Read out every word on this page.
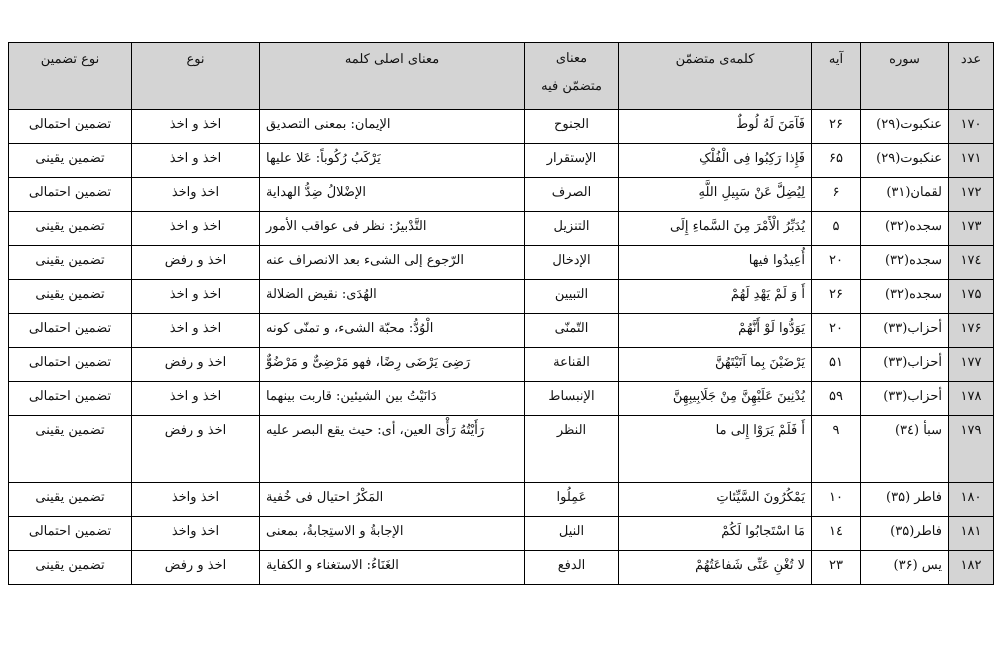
عدد	سوره	آیه	کلمه‌ی متضمّن	معنای
متضمّن فیه	معنای اصلی کلمه	نوع	نوع تضمین
۱۷۰	عنکبوت(۲۹)	۲۶	فَآمَنَ لَهُ لُوطٌ	الجنوح	الإیمان: بمعنی التصدیق	اخذ و اخذ	تضمین احتمالی
۱۷۱	عنکبوت(۲۹)	۶۵	فَإِذا رَکِبُوا فِی الْفُلْکِ	الإستقرار	یَرْکَبُ رُکُوباً: عَلا علیها	اخذ و اخذ	تضمین یقینی
۱۷۲	لقمان(۳۱)	۶	لِیُضِلَّ عَنْ سَبِیلِ اللَّهِ	الصرف	الإضْلالُ ضِدُّ الهدایة	اخذ واخذ	تضمین احتمالی
۱۷۳	سجده(۳۲)	۵	یُدَبِّرُ الْأَمْرَ مِنَ السَّماءِ إِلَی	التنزیل	التَّدْبیرُ: نظر فی عواقب الأمور	اخذ و اخذ	تضمین یقینی
۱۷٤	سجده(۳۲)	۲۰	أُعِیدُوا فیها	الإدخال	الرّجوع إلی الشیء بعد الانصراف عنه	اخذ و رفض	تضمین یقینی
۱۷۵	سجده(۳۲)	۲۶	أَ وَ لَمْ یَهْدِ لَهُمْ	التبیین	الهُدَی: نقیض الضلالة	اخذ و اخذ	تضمین یقینی
۱۷۶	أحزاب(۳۳)	۲۰	یَوَدُّوا لَوْ أَنَّهُمْ	التّمنّی	الْوُدُّ: محبّة الشیء، و تمنّی کونه	اخذ و اخذ	تضمین احتمالی
۱۷۷	أحزاب(۳۳)	۵۱	یَرْضَیْنَ بِما آتَیْتَهُنَّ	القناعة	رَضِیَ یَرْضَی رِضًا، فهو مَرْضِیٌّ و مَرْضُوٌّ	اخذ و رفض	تضمین احتمالی
۱۷۸	أحزاب(۳۳)	۵۹	یُدْنِینَ عَلَیْهِنَّ مِنْ جَلَابِیبِهِنَّ	الإنبساط	دَانَیْتُ بین الشیئین: قاربت بینهما	اخذ و اخذ	تضمین احتمالی
۱۷۹	سبأ (۳٤)	۹	أَ فَلَمْ یَرَوْا إِلی ما	النظر	رَأَیْتُهُ رَأْیَ العین، أی: حیث یقع البصر علیه	اخذ و رفض	تضمین یقینی
۱۸۰	فاطر (۳۵)	۱۰	یَمْکُرُونَ السَّیِّئاتِ	عَمِلُوا	المَکْرُ احتیال فی خُفیة	اخذ واخذ	تضمین یقینی
۱۸۱	فاطر(۳۵)	۱٤	مَا اسْتَجابُوا لَکُمْ	النیل	الإجابةُ و الاستِجابةُ، بمعنی	اخذ واخذ	تضمین احتمالی
۱۸۲	یس (۳۶)	۲۳	لا تُغْنِ عَنِّی شَفاعَتُهُمْ	الدفع	الغَنَاءُ: الاستغناء و الکفایة	اخذ و رفض	تضمین یقینی
